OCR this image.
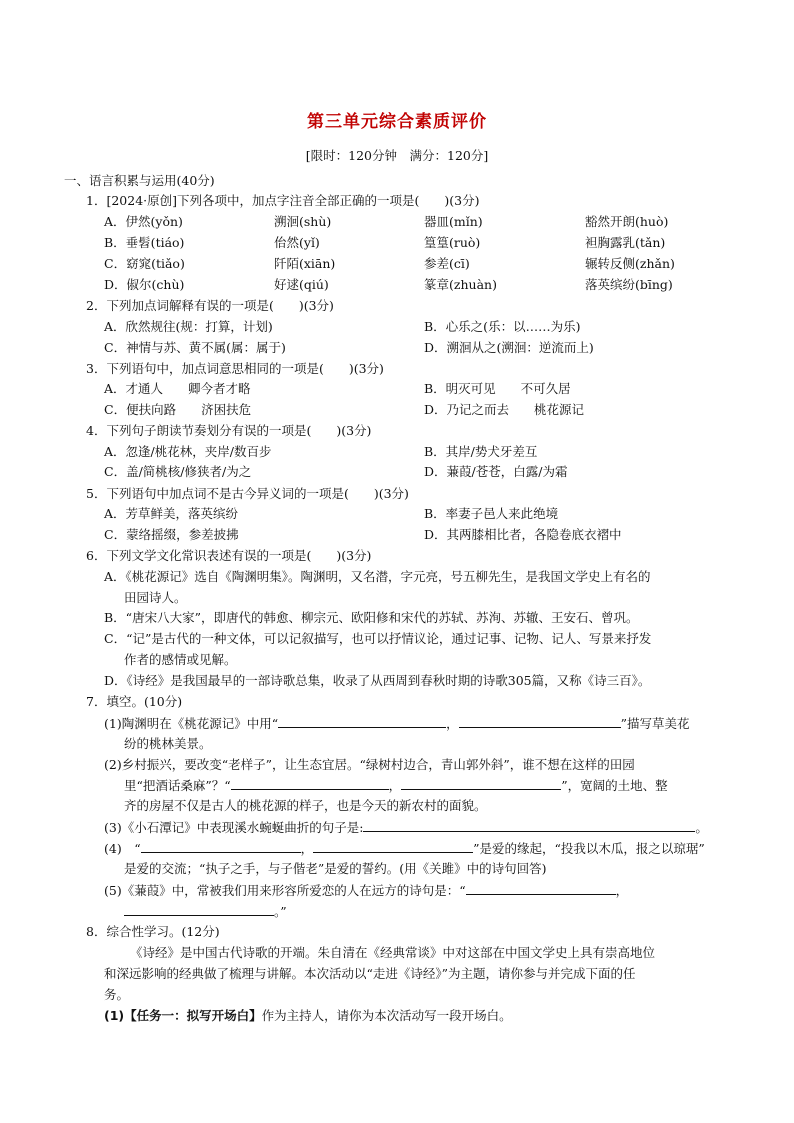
第三单元综合素质评价
[限时：120分钟　满分：120分]
一、语言积累与运用(40分)
1．[2024·原创]下列各项中，加点字注音全部正确的一项是(　　)(3分)
A．伊然(yǒn)	溯洄(shù)	器皿(mǐn)	豁然开朗(huò)
B．垂髫(tiáo)	佁然(yǐ)	篁篁(ruò)	袒胸露乳(tǎn)
C．窈窕(tiǎo)	阡陌(xiān)	参差(cī)	辗转反侧(zhǎn)
D．俶尔(chù)	好逑(qiú)	篆章(zhuàn)	落英缤纷(bīng)
2．下列加点词解释有误的一项是(　　)(3分)
A．欣然规往(规：打算，计划)	B．心乐之(乐：以……为乐)
C．神情与苏、黄不属(属：属于)	D．溯洄从之(溯洄：逆流而上)
3．下列语句中，加点词意思相同的一项是(　　)(3分)
A．才通人　　卿今者才略	B．明灭可见　　不可久居
C．便扶向路　　济困扶危	D．乃记之而去　　桃花源记
4．下列句子朗读节奏划分有误的一项是(　　)(3分)
A．忽逢/桃花林，夹岸/数百步	B．其岸/势犬牙差互
C．盖/简桃核/修狭者/为之	D．蒹葭/苍苍，白露/为霜
5．下列语句中加点词不是古今异义词的一项是(　　)(3分)
A．芳草鲜美，落英缤纷	B．率妻子邑人来此绝境
C．蒙络摇缀，参差披拂	D．其两膝相比者，各隐卷底衣褶中
6．下列文学文化常识表述有误的一项是(　　)(3分)
A．《桃花源记》选自《陶渊明集》。陶渊明，又名潜，字元亮，号五柳先生，是我国文学史上有名的
田园诗人。
B．“唐宋八大家”，即唐代的韩愈、柳宗元、欧阳修和宋代的苏轼、苏洵、苏辙、王安石、曾巩。
C．“记”是古代的一种文体，可以记叙描写，也可以抒情议论，通过记事、记物、记人、写景来抒发
作者的感情或见解。
D．《诗经》是我国最早的一部诗歌总集，收录了从西周到春秋时期的诗歌305篇，又称《诗三百》。
7．填空。(10分)
(1)陶渊明在《桃花源记》中用“	，	”描写草美花
纷的桃林美景。
(2)乡村振兴，要改变“老样子”，让生态宜居。“绿树村边合，青山郭外斜”，谁不想在这样的田园
里“把酒话桑麻”？“	，	”，宽阔的土地、整
齐的房屋不仅是古人的桃花源的样子，也是今天的新农村的面貌。
(3)《小石潭记》中表现溪水蜿蜒曲折的句子是:	。
(4)　“	，	”是爱的缘起，“投我以木瓜，报之以琼琚”
是爱的交流；“执子之手，与子偕老”是爱的誓约。(用《关雎》中的诗句回答)
(5)《蒹葭》中，常被我们用来形容所爱恋的人在远方的诗句是：“	，
。”
8．综合性学习。(12分)
《诗经》是中国古代诗歌的开端。朱自清在《经典常谈》中对这部在中国文学史上具有崇高地位
和深远影响的经典做了梳理与讲解。本次活动以“走进《诗经》”为主题，请你参与并完成下面的任
务。
(1)【任务一：拟写开场白】作为主持人，请你为本次活动写一段开场白。
